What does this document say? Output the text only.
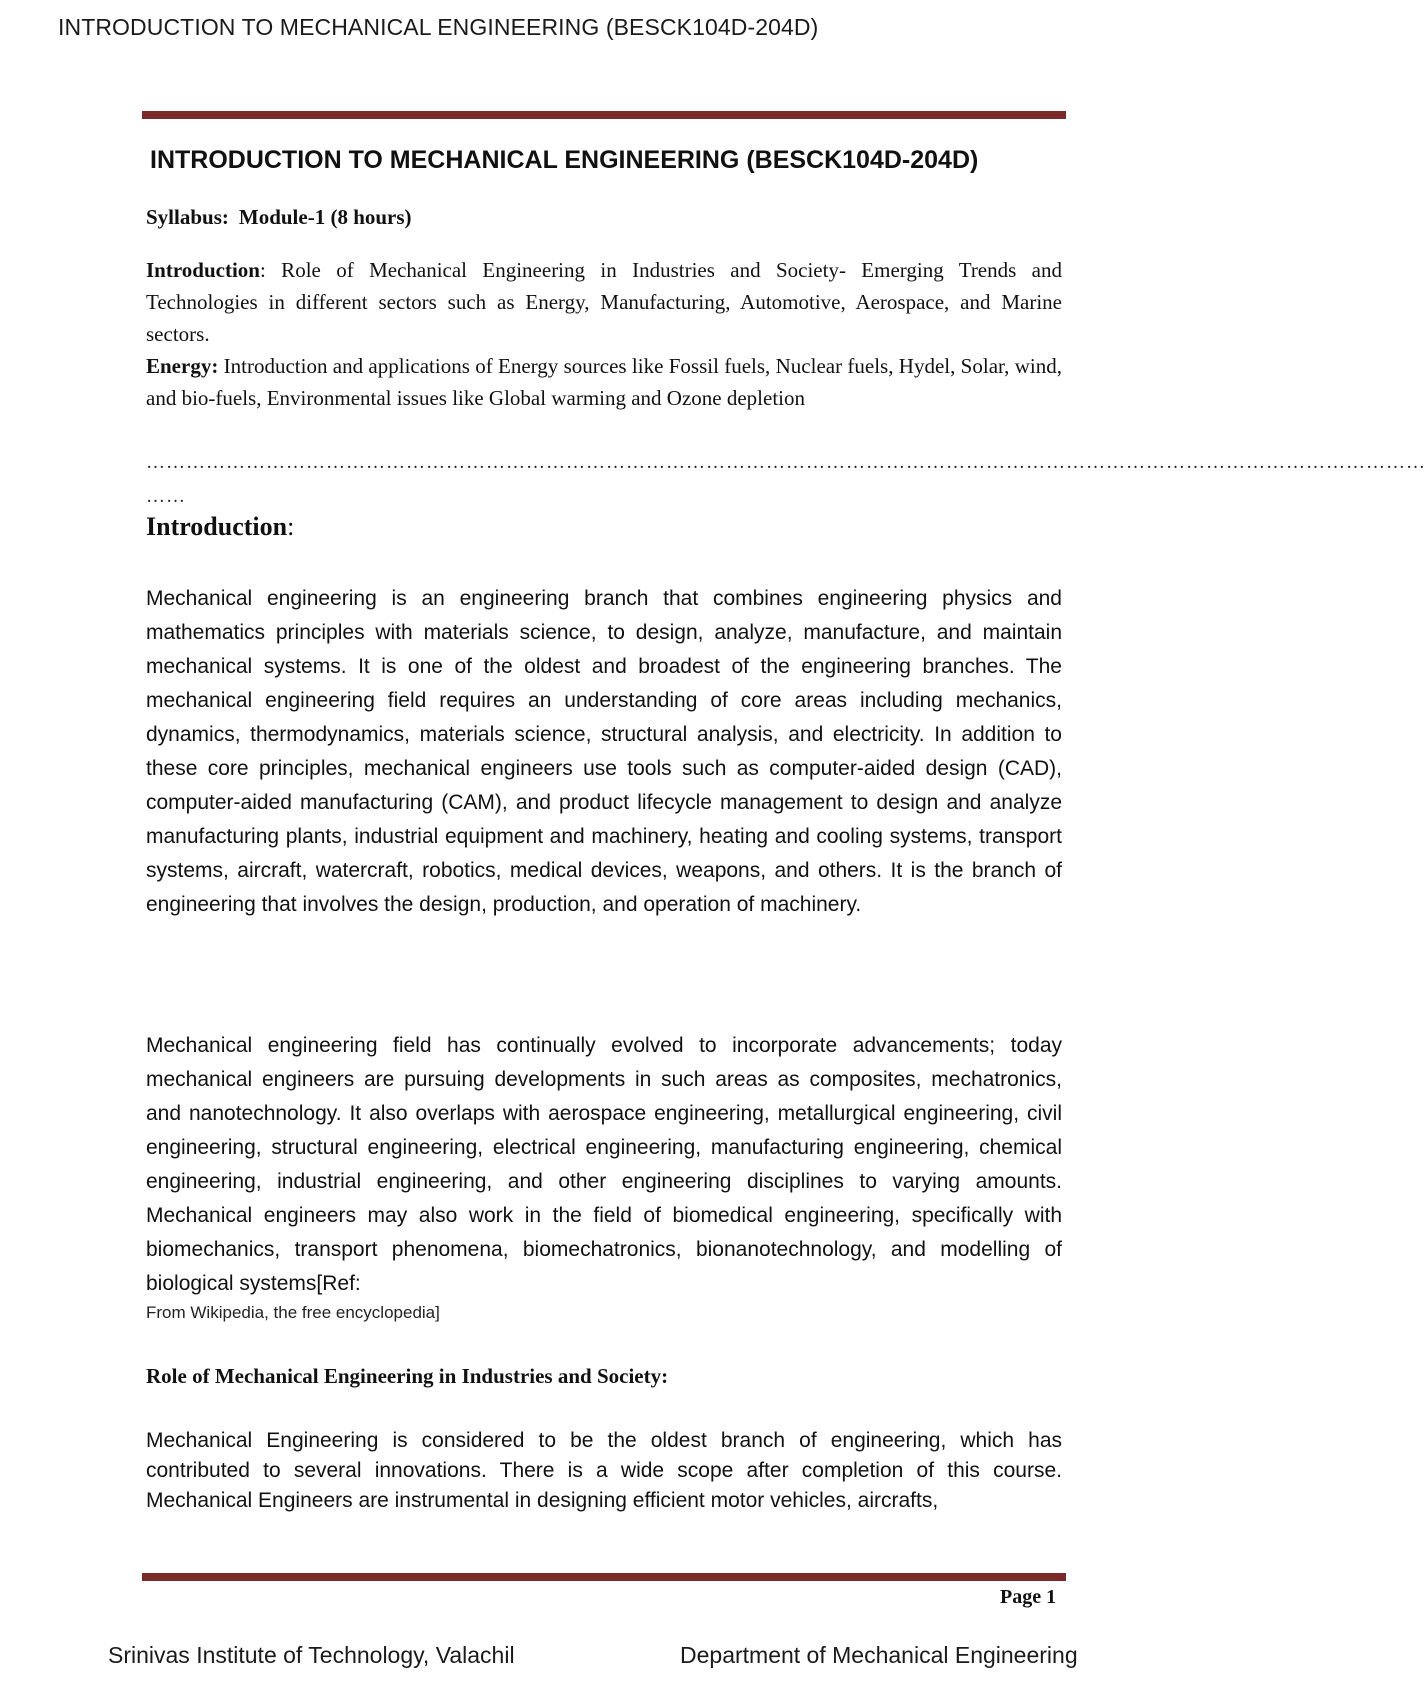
INTRODUCTION TO MECHANICAL ENGINEERING (BESCK104D-204D)
INTRODUCTION TO MECHANICAL ENGINEERING (BESCK104D-204D)
Syllabus: Module-1 (8 hours)
Introduction: Role of Mechanical Engineering in Industries and Society- Emerging Trends and Technologies in different sectors such as Energy, Manufacturing, Automotive, Aerospace, and Marine sectors.
Energy: Introduction and applications of Energy sources like Fossil fuels, Nuclear fuels, Hydel, Solar, wind, and bio-fuels, Environmental issues like Global warming and Ozone depletion
…………………………………………………………………………………………………………………………………………………………………………
……
Introduction:

Mechanical engineering is an engineering branch that combines engineering physics and mathematics principles with materials science, to design, analyze, manufacture, and maintain mechanical systems. It is one of the oldest and broadest of the engineering branches. The mechanical engineering field requires an understanding of core areas including mechanics, dynamics, thermodynamics, materials science, structural analysis, and electricity. In addition to these core principles, mechanical engineers use tools such as computer-aided design (CAD), computer-aided manufacturing (CAM), and product lifecycle management to design and analyze manufacturing plants, industrial equipment and machinery, heating and cooling systems, transport systems, aircraft, watercraft, robotics, medical devices, weapons, and others. It is the branch of engineering that involves the design, production, and operation of machinery.

Mechanical engineering field has continually evolved to incorporate advancements; today mechanical engineers are pursuing developments in such areas as composites, mechatronics, and nanotechnology. It also overlaps with aerospace engineering, metallurgical engineering, civil engineering, structural engineering, electrical engineering, manufacturing engineering, chemical engineering, industrial engineering, and other engineering disciplines to varying amounts. Mechanical engineers may also work in the field of biomedical engineering, specifically with biomechanics, transport phenomena, biomechatronics, bionanotechnology, and modelling of biological systems[Ref:

From Wikipedia, the free encyclopedia]
Role of Mechanical Engineering in Industries and Society:

Mechanical Engineering is considered to be the oldest branch of engineering, which has contributed to several innovations. There is a wide scope after completion of this course. Mechanical Engineers are instrumental in designing efficient motor vehicles, aircrafts,

Page 1
Srinivas Institute of Technology, Valachil	Department of Mechanical Engineering
